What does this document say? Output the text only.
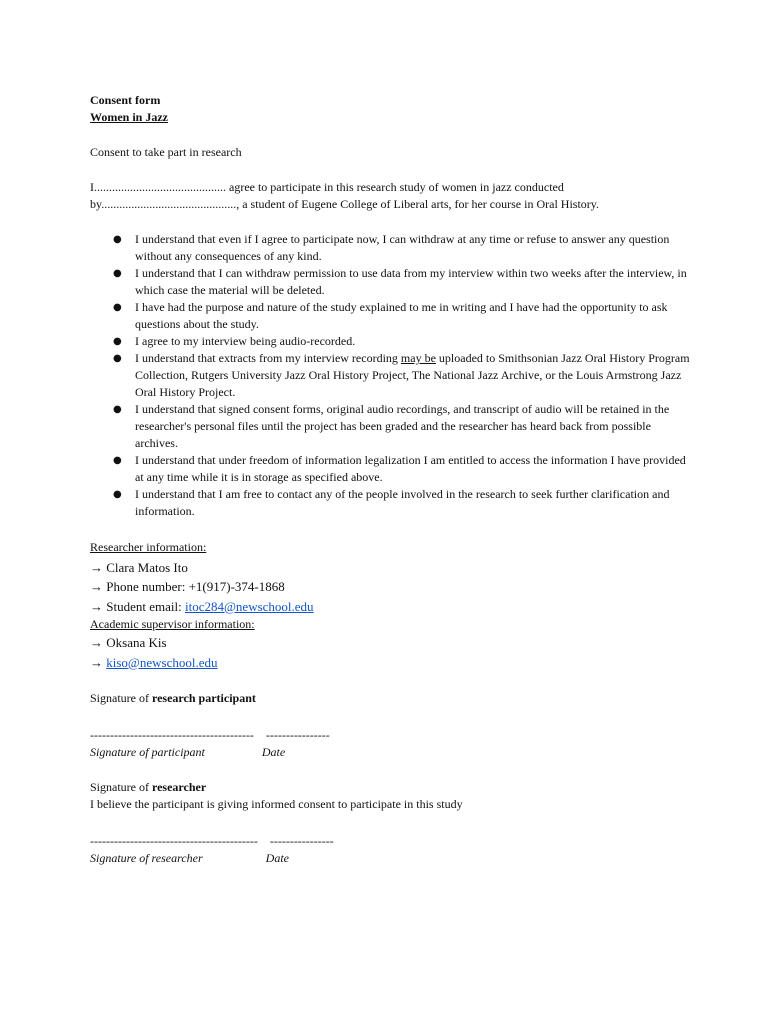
Consent form
Women in Jazz

Consent to take part in research

I............................................ agree to participate in this research study of women in jazz conducted
by............................................., a student of Eugene College of Liberal arts, for her course in Oral History.

● I understand that even if I agree to participate now, I can withdraw at any time or refuse to answer any question without any consequences of any kind.
● I understand that I can withdraw permission to use data from my interview within two weeks after the interview, in which case the material will be deleted.
● I have had the purpose and nature of the study explained to me in writing and I have had the opportunity to ask questions about the study.
● I agree to my interview being audio-recorded.
● I understand that extracts from my interview recording may be uploaded to Smithsonian Jazz Oral History Program Collection, Rutgers University Jazz Oral History Project, The National Jazz Archive, or the Louis Armstrong Jazz Oral History Project.
● I understand that signed consent forms, original audio recordings, and transcript of audio will be retained in the researcher's personal files until the project has been graded and the researcher has heard back from possible archives.
● I understand that under freedom of information legalization I am entitled to access the information I have provided at any time while it is in storage as specified above.
● I understand that I am free to contact any of the people involved in the research to seek further clarification and information.
Researcher information:
→ Clara Matos Ito
→ Phone number: +1(917)-374-1868
→ Student email: itoc284@newschool.edu
Academic supervisor information:
→ Oksana Kis
→ kiso@newschool.edu
Signature of research participant
-----------------------------------------    ----------------
Signature of participant                   Date
Signature of researcher
I believe the participant is giving informed consent to participate in this study
------------------------------------------    ----------------
Signature of researcher                     Date
